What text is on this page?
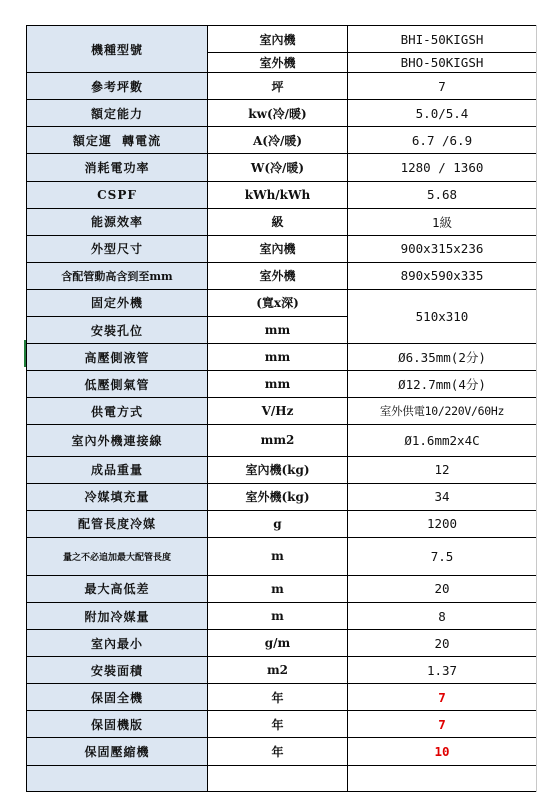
機種型號	室內機	BHI-50KIGSH
	室外機	BHO-50KIGSH
參考坪數	坪	7
額定能力	kw(冷/暖)	5.0/5.4
額定運  轉電流	A(冷/暖)	6.7 /6.9
消耗電功率	W(冷/暖)	1280 / 1360
CSPF	kWh/kWh	5.68
能源效率	級	1級
外型尺寸	室內機	900x315x236
含配管動高含到至mm	室外機	890x590x335
固定外機	(寬x深)	510x310
安裝孔位	mm	
高壓側液管	mm	Ø6.35mm(2分)
低壓側氣管	mm	Ø12.7mm(4分)
供電方式	V/Hz	室外供電10/220V/60Hz
室內外機連接線	mm2	Ø1.6mm2x4C
成品重量	室內機(kg)	12
冷媒填充量	室外機(kg)	34
配管長度冷媒	g	1200
量之不必追加最大配管長度	m	7.5
最大高低差	m	20
附加冷媒量	m	8
室內最小	g/m	20
安裝面積	m2	1.37
保固全機	年	7
保固機版	年	7
保固壓縮機	年	10
